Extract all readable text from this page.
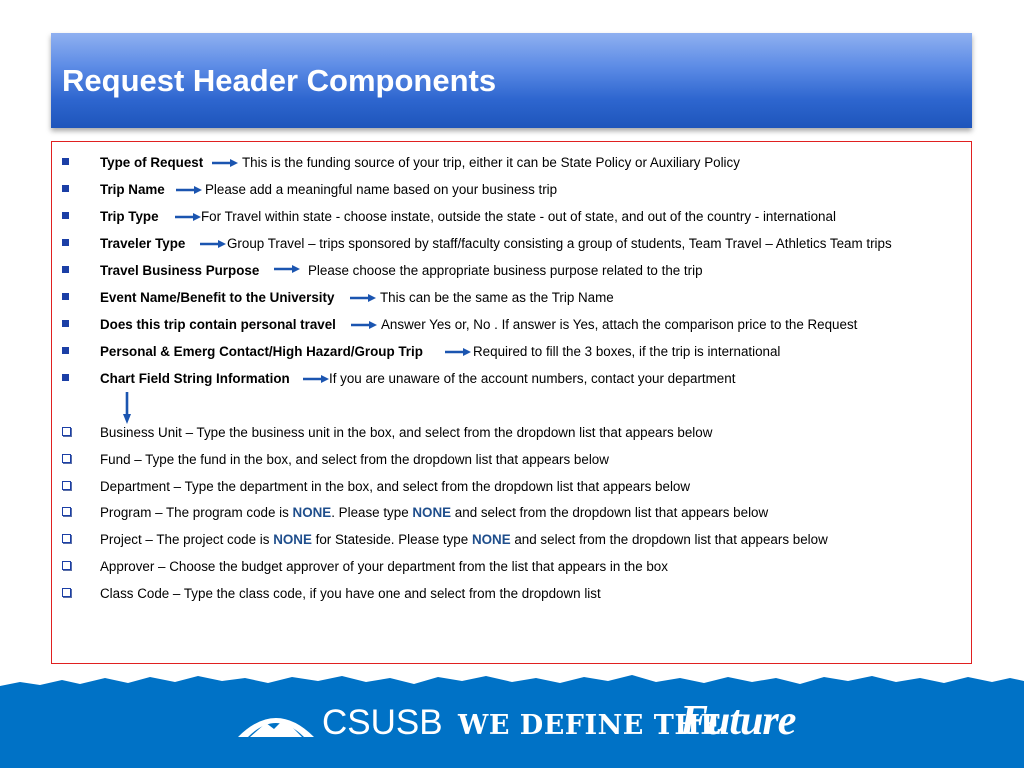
Request Header Components
Type of Request	This is the funding source of your trip, either it can be State Policy or Auxiliary Policy
Trip Name	Please add a meaningful name based on your business trip
Trip Type	For Travel within state - choose instate, outside the state - out of state, and out of the country - international
Traveler Type	Group Travel – trips sponsored by staff/faculty consisting a group of students, Team Travel – Athletics Team trips
Travel Business Purpose	Please choose the appropriate business purpose related to the trip
Event Name/Benefit to the University	This can be the same as the Trip Name
Does this trip contain personal travel	Answer Yes or, No . If answer is Yes, attach the comparison price to the Request
Personal & Emerg Contact/High Hazard/Group Trip	Required to fill the 3 boxes, if the trip is international
Chart Field String Information	If you are unaware of the account numbers, contact your department
Business Unit – Type the business unit in the box, and select from the dropdown list that appears below
Fund – Type the fund in the box, and select from the dropdown list that appears below
Department – Type the department in the box, and select from the dropdown list that appears below
Program – The program code is NONE. Please type NONE and select from the dropdown list that appears below
Project – The project code is NONE for Stateside. Please type NONE and select from the dropdown list that appears below
Approver – Choose the budget approver of your department from the list that appears in the box
Class Code – Type the class code, if you have one and select from the dropdown list
CSUSB WE DEFINE THE
Future
